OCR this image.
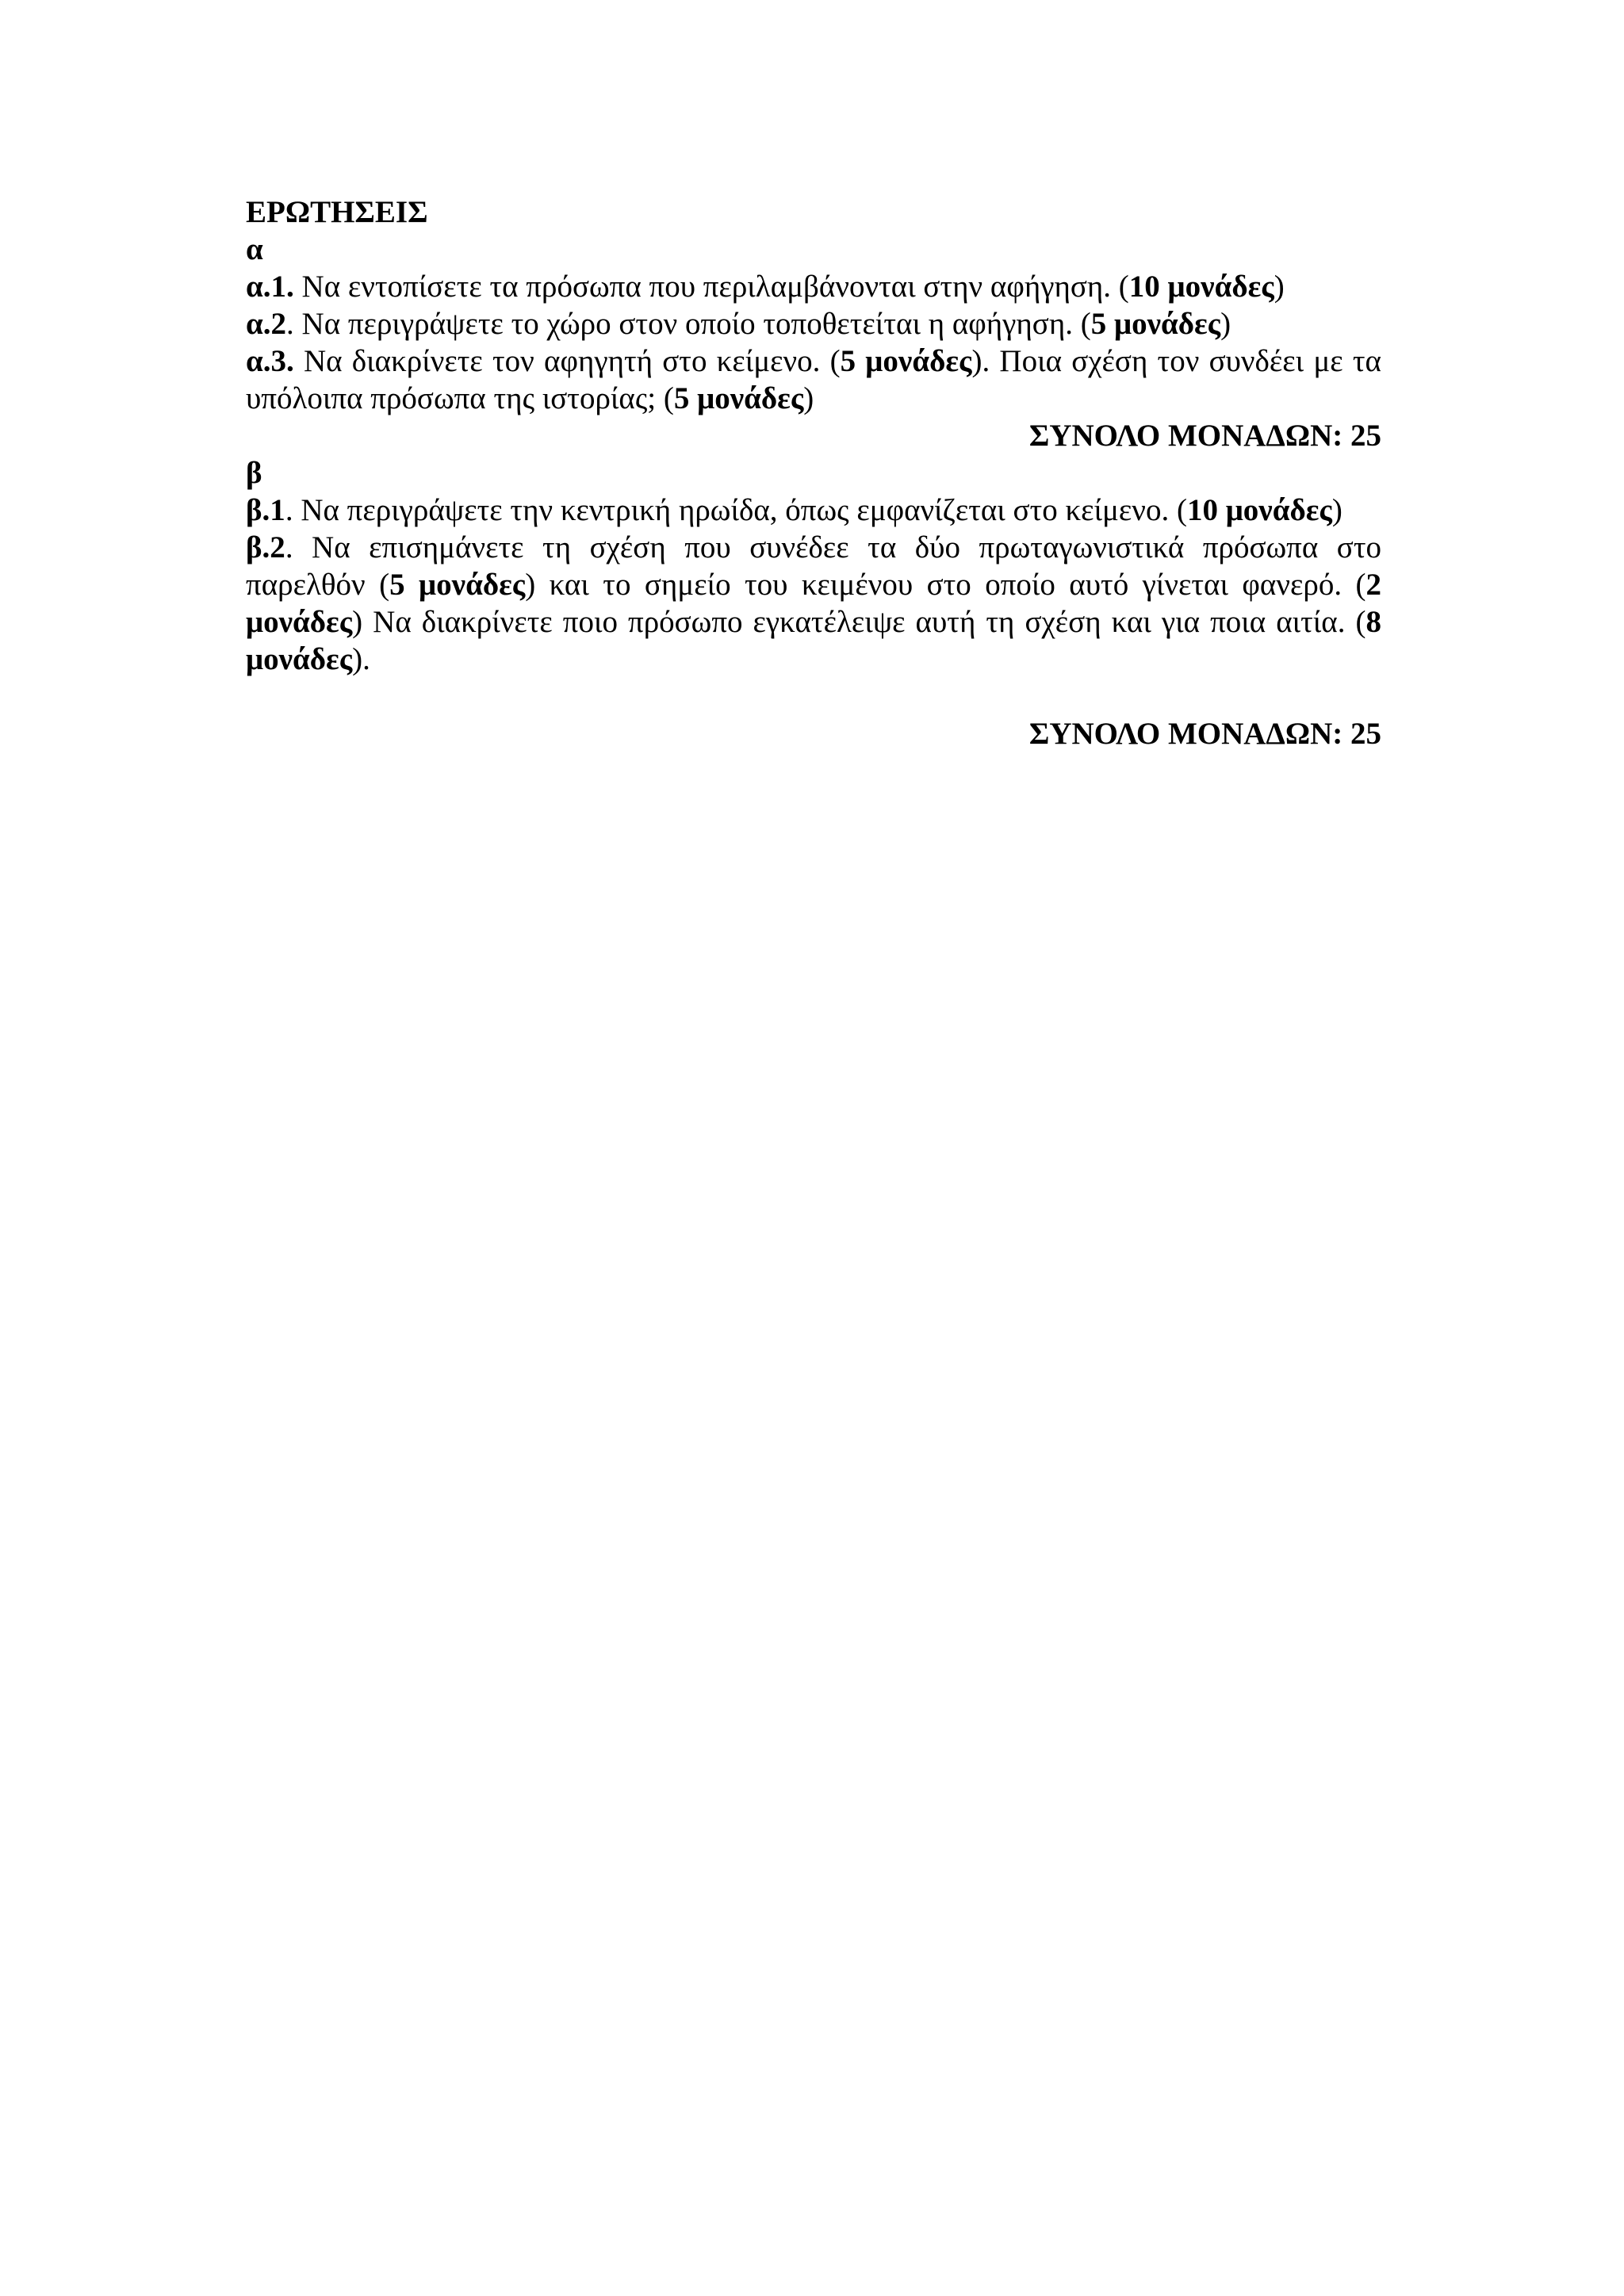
ΕΡΩΤΗΣΕΙΣ
α
α.1. Να εντοπίσετε τα πρόσωπα που περιλαμβάνονται στην αφήγηση. (10 μονάδες)
α.2. Να περιγράψετε το χώρο στον οποίο τοποθετείται η αφήγηση. (5 μονάδες)
α.3. Να διακρίνετε τον αφηγητή στο κείμενο. (5 μονάδες). Ποια σχέση τον συνδέει με τα υπόλοιπα πρόσωπα της ιστορίας; (5 μονάδες)
ΣΥΝΟΛΟ ΜΟΝΑΔΩΝ: 25
β
β.1. Να περιγράψετε την κεντρική ηρωίδα, όπως εμφανίζεται στο κείμενο. (10 μονάδες)
β.2. Να επισημάνετε τη σχέση που συνέδεε τα δύο πρωταγωνιστικά πρόσωπα στο παρελθόν (5 μονάδες) και το σημείο του κειμένου στο οποίο αυτό γίνεται φανερό. (2 μονάδες) Να διακρίνετε ποιο πρόσωπο εγκατέλειψε αυτή τη σχέση και για ποια αιτία. (8 μονάδες).
ΣΥΝΟΛΟ ΜΟΝΑΔΩΝ: 25
